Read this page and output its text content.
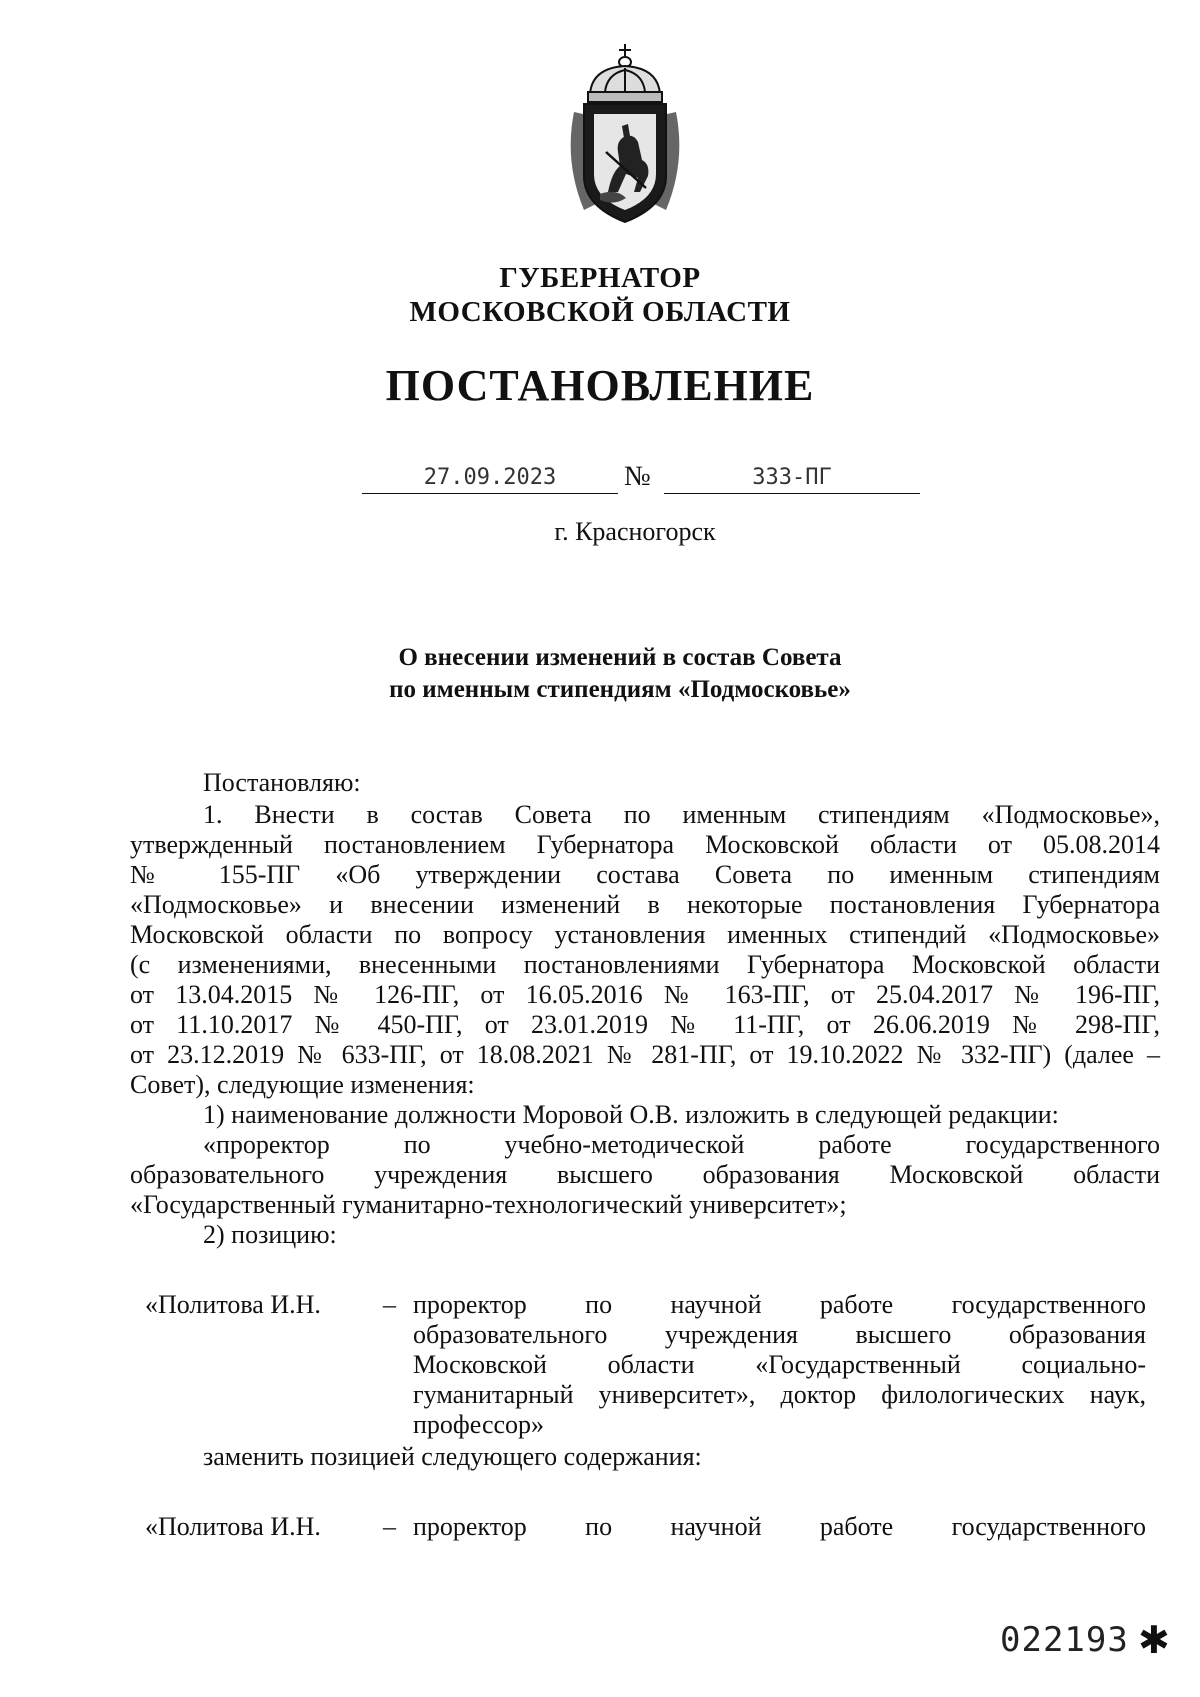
ГУБЕРНАТОР
МОСКОВСКОЙ ОБЛАСТИ
ПОСТАНОВЛЕНИЕ
27.09.2023	№	333-ПГ
г. Красногорск
О внесении изменений в состав Совета
по именным стипендиям «Подмосковье»
Постановляю:
1. Внести в состав Совета по именным стипендиям «Подмосковье»,
утвержденный постановлением Губернатора Московской области от 05.08.2014
№ 155-ПГ «Об утверждении состава Совета по именным стипендиям
«Подмосковье» и внесении изменений в некоторые постановления Губернатора
Московской области по вопросу установления именных стипендий «Подмосковье»
(с изменениями, внесенными постановлениями Губернатора Московской области
от 13.04.2015 № 126-ПГ, от 16.05.2016 № 163-ПГ, от 25.04.2017 № 196-ПГ,
от 11.10.2017 № 450-ПГ, от 23.01.2019 № 11-ПГ, от 26.06.2019 № 298-ПГ,
от 23.12.2019 № 633-ПГ, от 18.08.2021 № 281-ПГ, от 19.10.2022 № 332-ПГ) (далее –
Совет), следующие изменения:
1) наименование должности Моровой О.В. изложить в следующей редакции:
«проректор по учебно-методической работе государственного
образовательного учреждения высшего образования Московской области
«Государственный гуманитарно-технологический университет»;
2) позицию:
«Политова И.Н. – проректор по научной работе государственного
образовательного учреждения высшего образования
Московской области «Государственный социально-
гуманитарный университет», доктор филологических наук,
профессор»
заменить позицией следующего содержания:
«Политова И.Н. – проректор по научной работе государственного
022193 ✱
